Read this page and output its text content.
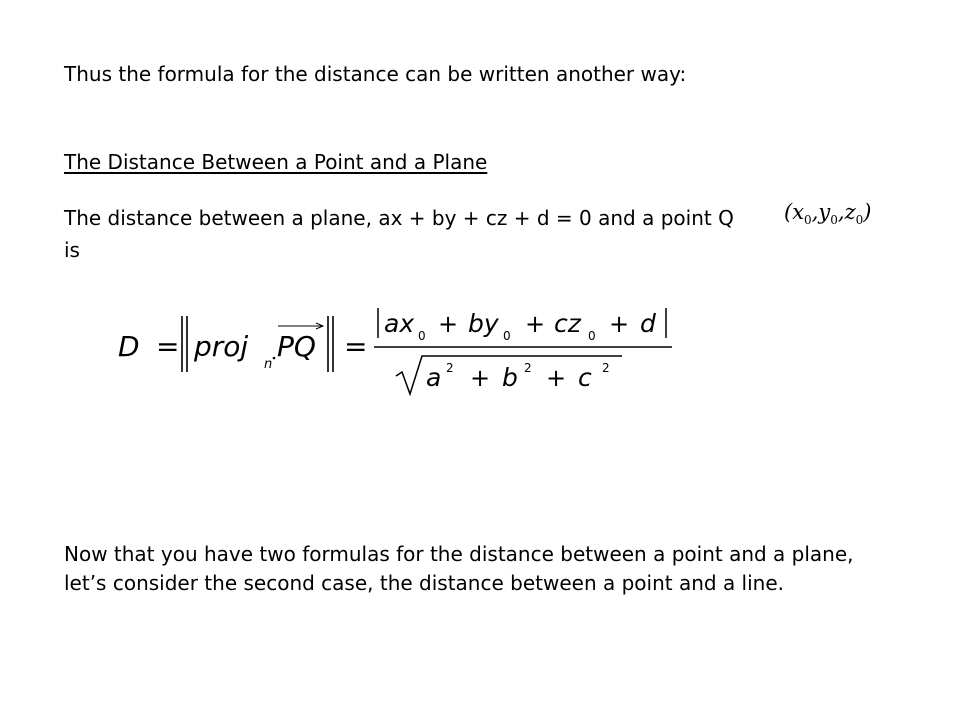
Thus the formula for the distance can be written another way:
The Distance Between a Point and a Plane
The distance between a plane, ax + by + cz + d = 0 and a point Q
is
$(x_0,y_0,z_0)$
D = proj
n
PQ =
ax 0 + by 0 + cz 0 + d
a 2 + b 2 + c 2
Now that you have two formulas for the distance between a point and a plane,
let’s consider the second case, the distance between a point and a line.
